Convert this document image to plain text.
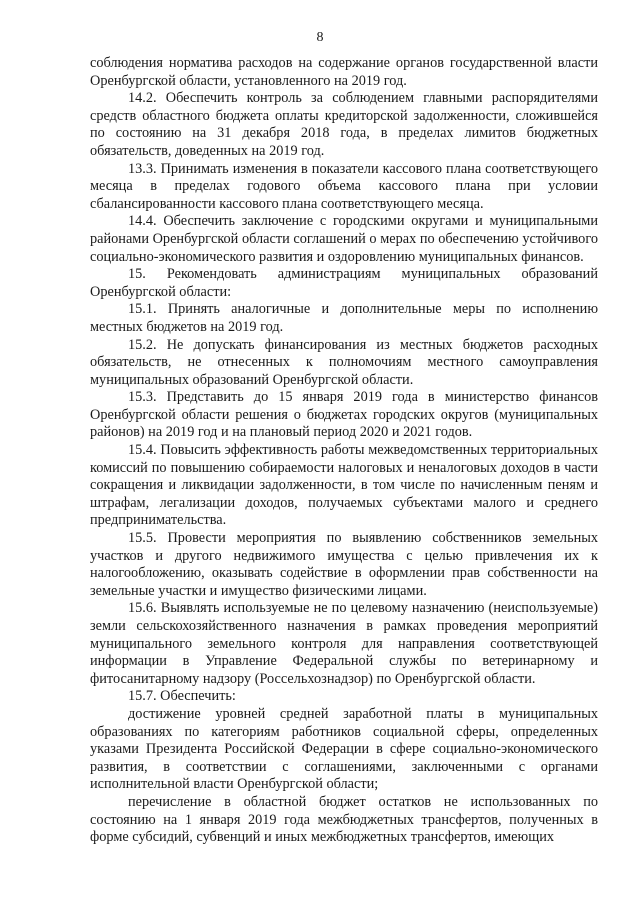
8

соблюдения норматива расходов на содержание органов государственной власти Оренбургской области, установленного на 2019 год.

14.2. Обеспечить контроль за соблюдением главными распорядителями средств областного бюджета оплаты кредиторской задолженности, сложившейся по состоянию на 31 декабря 2018 года, в пределах лимитов бюджетных обязательств, доведенных на 2019 год.

13.3. Принимать изменения в показатели кассового плана соответствующего месяца в пределах годового объема кассового плана при условии сбалансированности кассового плана соответствующего месяца.

14.4. Обеспечить заключение с городскими округами и муниципальными районами Оренбургской области соглашений о мерах по обеспечению устойчивого социально-экономического развития и оздоровлению муниципальных финансов.

15. Рекомендовать администрациям муниципальных образований Оренбургской области:

15.1. Принять аналогичные и дополнительные меры по исполнению местных бюджетов на 2019 год.

15.2. Не допускать финансирования из местных бюджетов расходных обязательств, не отнесенных к полномочиям местного самоуправления муниципальных образований Оренбургской области.

15.3. Представить до 15 января 2019 года в министерство финансов Оренбургской области решения о бюджетах городских округов (муниципальных районов) на 2019 год и на плановый период 2020 и 2021 годов.

15.4. Повысить эффективность работы межведомственных территориальных комиссий по повышению собираемости налоговых и неналоговых доходов в части сокращения и ликвидации задолженности, в том числе по начисленным пеням и штрафам, легализации доходов, получаемых субъектами малого и среднего предпринимательства.

15.5. Провести мероприятия по выявлению собственников земельных участков и другого недвижимого имущества с целью привлечения их к налогообложению, оказывать содействие в оформлении прав собственности на земельные участки и имущество физическими лицами.

15.6. Выявлять используемые не по целевому назначению (неиспользуемые) земли сельскохозяйственного назначения в рамках проведения мероприятий муниципального земельного контроля для направления соответствующей информации в Управление Федеральной службы по ветеринарному и фитосанитарному надзору (Россельхознадзор) по Оренбургской области.

15.7. Обеспечить:

достижение уровней средней заработной платы в муниципальных образованиях по категориям работников социальной сферы, определенных указами Президента Российской Федерации в сфере социально-экономического развития, в соответствии с соглашениями, заключенными с органами исполнительной власти Оренбургской области;

перечисление в областной бюджет остатков не использованных по состоянию на 1 января 2019 года межбюджетных трансфертов, полученных в форме субсидий, субвенций и иных межбюджетных трансфертов, имеющих
